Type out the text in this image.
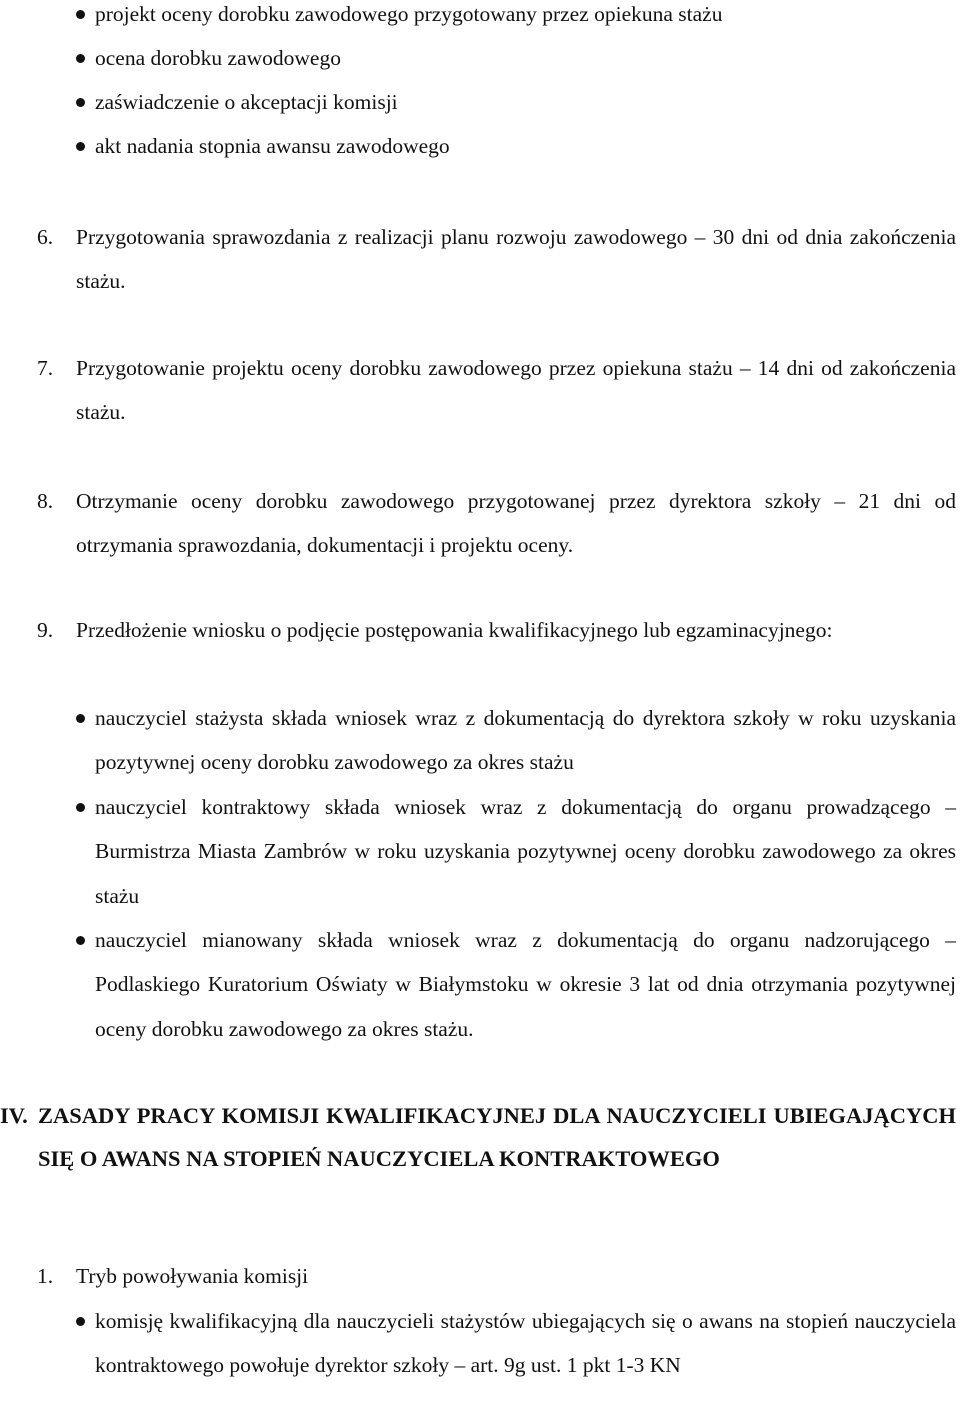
projekt oceny dorobku zawodowego przygotowany przez opiekuna stażu
ocena dorobku zawodowego
zaświadczenie o akceptacji komisji
akt nadania stopnia awansu zawodowego
6. Przygotowania sprawozdania z realizacji planu rozwoju zawodowego – 30 dni od dnia zakończenia stażu.

7. Przygotowanie projektu oceny dorobku zawodowego przez opiekuna stażu – 14 dni od zakończenia stażu.

8. Otrzymanie oceny dorobku zawodowego przygotowanej przez dyrektora szkoły – 21 dni od otrzymania sprawozdania, dokumentacji i projektu oceny.

9. Przedłożenie wniosku o podjęcie postępowania kwalifikacyjnego lub egzaminacyjnego:

nauczyciel stażysta składa wniosek wraz z dokumentacją do dyrektora szkoły w roku uzyskania pozytywnej oceny dorobku zawodowego za okres stażu

nauczyciel kontraktowy składa wniosek wraz z dokumentacją do organu prowadzącego – Burmistrza Miasta Zambrów w roku uzyskania pozytywnej oceny dorobku zawodowego za okres stażu

nauczyciel mianowany składa wniosek wraz z dokumentacją do organu nadzorującego – Podlaskiego Kuratorium Oświaty w Białymstoku w okresie 3 lat od dnia otrzymania pozytywnej oceny dorobku zawodowego za okres stażu.

IV. ZASADY PRACY KOMISJI KWALIFIKACYJNEJ DLA NAUCZYCIELI UBIEGAJĄCYCH SIĘ O AWANS NA STOPIEŃ NAUCZYCIELA KONTRAKTOWEGO

1. Tryb powoływania komisji

komisję kwalifikacyjną dla nauczycieli stażystów ubiegających się o awans na stopień nauczyciela kontraktowego powołuje dyrektor szkoły – art. 9g ust. 1 pkt 1-3 KN
